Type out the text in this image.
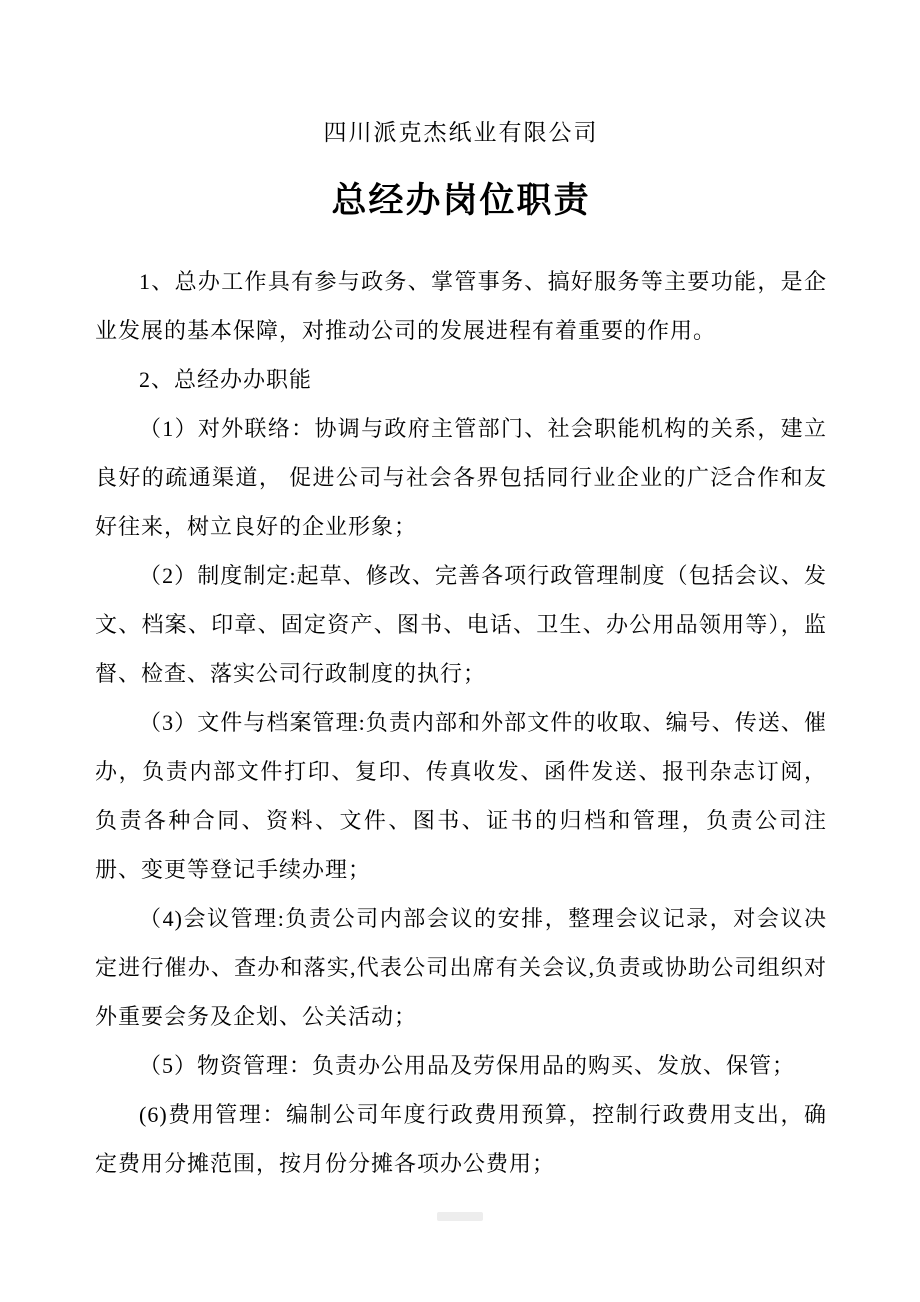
四川派克杰纸业有限公司
总经办岗位职责

1、总办工作具有参与政务、掌管事务、搞好服务等主要功能，是企业发展的基本保障，对推动公司的发展进程有着重要的作用。

2、总经办办职能

（1）对外联络：协调与政府主管部门、社会职能机构的关系，建立良好的疏通渠道， 促进公司与社会各界包括同行业企业的广泛合作和友好往来，树立良好的企业形象；

（2）制度制定:起草、修改、完善各项行政管理制度（包括会议、发文、档案、印章、固定资产、图书、电话、卫生、办公用品领用等），监督、检查、落实公司行政制度的执行；

（3）文件与档案管理:负责内部和外部文件的收取、编号、传送、催办，负责内部文件打印、复印、传真收发、函件发送、报刊杂志订阅，负责各种合同、资料、文件、图书、证书的归档和管理，负责公司注册、变更等登记手续办理；

（4)会议管理:负责公司内部会议的安排，整理会议记录，对会议决定进行催办、查办和落实,代表公司出席有关会议,负责或协助公司组织对外重要会务及企划、公关活动；

（5）物资管理：负责办公用品及劳保用品的购买、发放、保管；

(6)费用管理：编制公司年度行政费用预算，控制行政费用支出，确定费用分摊范围，按月份分摊各项办公费用；
